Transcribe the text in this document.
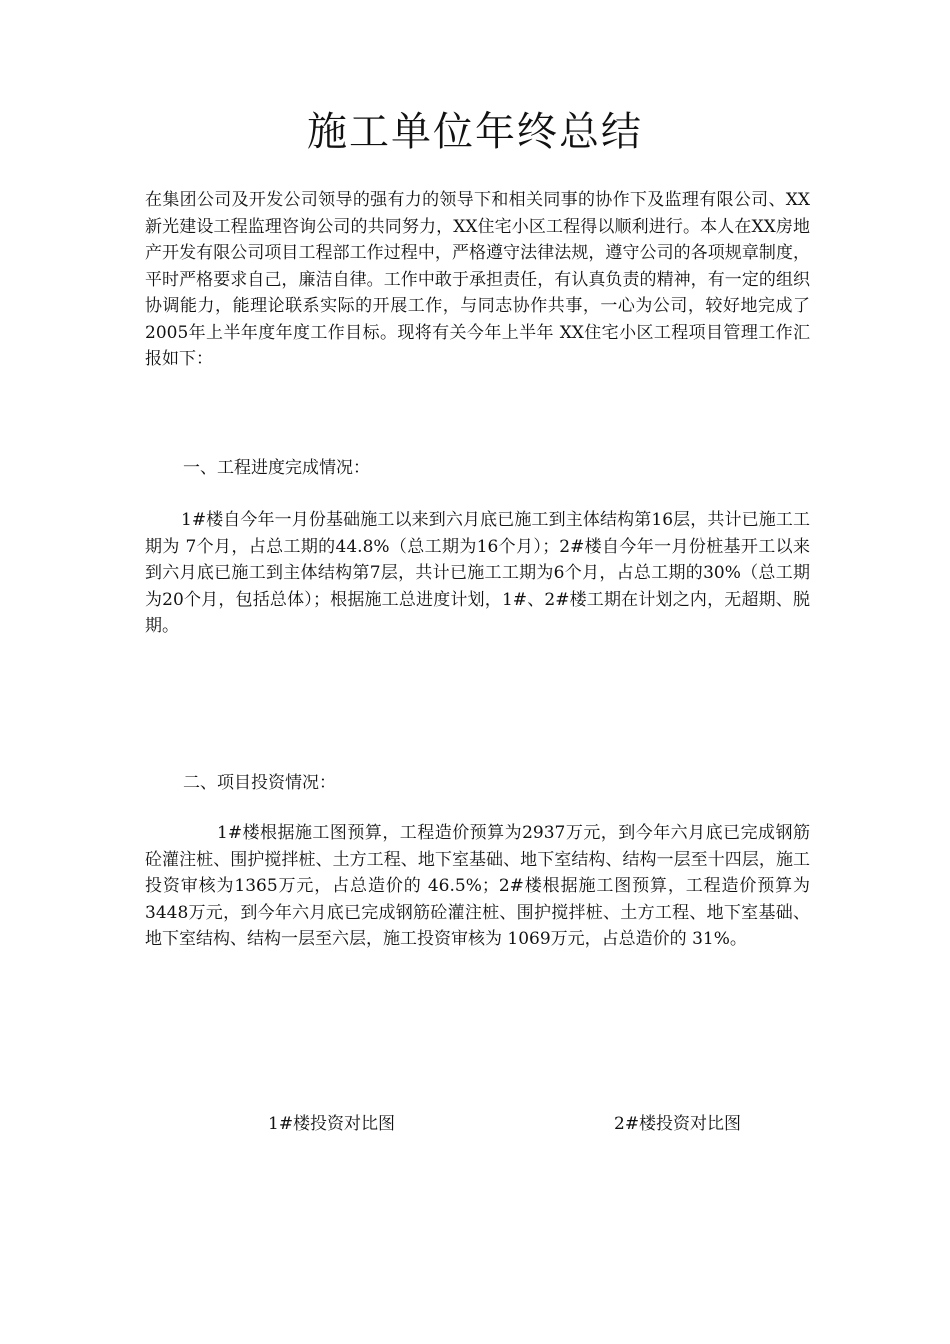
施工单位年终总结

在集团公司及开发公司领导的强有力的领导下和相关同事的协作下及监理有限公司、XX新光建设工程监理咨询公司的共同努力，XX住宅小区工程得以顺利进行。本人在XX房地产开发有限公司项目工程部工作过程中，严格遵守法律法规，遵守公司的各项规章制度，平时严格要求自己，廉洁自律。工作中敢于承担责任，有认真负责的精神，有一定的组织协调能力，能理论联系实际的开展工作，与同志协作共事，一心为公司，较好地完成了 2005年上半年度年度工作目标。现将有关今年上半年 XX住宅小区工程项目管理工作汇报如下：

一、工程进度完成情况：

1#楼自今年一月份基础施工以来到六月底已施工到主体结构第16层，共计已施工工期为 7个月，占总工期的44.8%（总工期为16个月）；2#楼自今年一月份桩基开工以来到六月底已施工到主体结构第7层，共计已施工工期为6个月，占总工期的30%（总工期为20个月，包括总体）；根据施工总进度计划，1#、2#楼工期在计划之内，无超期、脱期。

二、项目投资情况：

1#楼根据施工图预算，工程造价预算为2937万元，到今年六月底已完成钢筋砼灌注桩、围护搅拌桩、土方工程、地下室基础、地下室结构、结构一层至十四层，施工投资审核为1365万元，占总造价的 46.5%；2#楼根据施工图预算，工程造价预算为3448万元，到今年六月底已完成钢筋砼灌注桩、围护搅拌桩、土方工程、地下室基础、地下室结构、结构一层至六层，施工投资审核为 1069万元，占总造价的 31%。

1#楼投资对比图	2#楼投资对比图
